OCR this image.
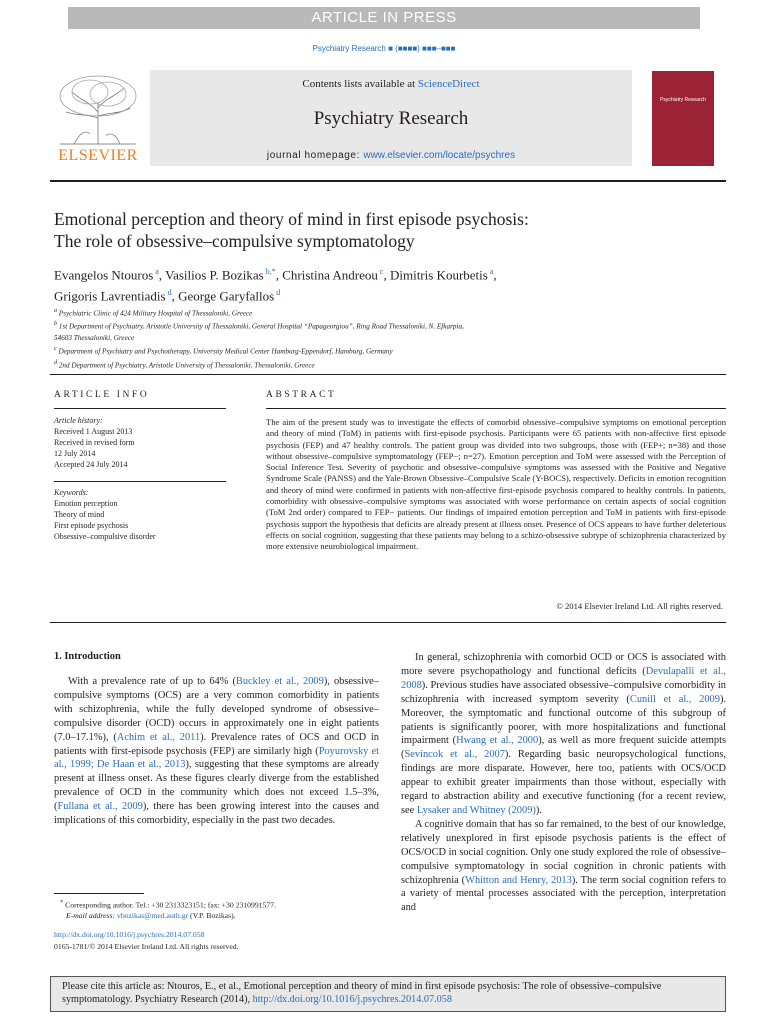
ARTICLE IN PRESS
Psychiatry Research ■ (■■■■) ■■■–■■■
ELSEVIER
Contents lists available at ScienceDirect
Psychiatry Research
journal homepage: www.elsevier.com/locate/psychres
Psychiatry Research
Emotional perception and theory of mind in first episode psychosis:
The role of obsessive–compulsive symptomatology
Evangelos Ntouros $^a$, Vasilios P. Bozikas $^{b,*}$, Christina Andreou $^c$, Dimitris Kourbetis $^a$,
Grigoris Lavrentiadis $^d$, George Garyfallos $^d$
$^a$ Psychiatric Clinic of 424 Military Hospital of Thessaloniki, Greece
$^b$ 1st Department of Psychiatry, Aristotle University of Thessaloniki, General Hospital “Papageorgiou”, Ring Road Thessaloniki, N. Efkarpia,
54603 Thessaloniki, Greece
$^c$ Department of Psychiatry and Psychotherapy, University Medical Center Hamburg-Eppendorf, Hamburg, Germany
$^d$ 2nd Department of Psychiatry, Aristotle University of Thessaloniki, Thessaloniki, Greece
ARTICLE INFO	ABSTRACT
Article history:
Received 1 August 2013
Received in revised form
12 July 2014
Accepted 24 July 2014
Keywords:
Emotion perception
Theory of mind
First episode psychosis
Obsessive–compulsive disorder
The aim of the present study was to investigate the effects of comorbid obsessive–compulsive symptoms on emotional perception and theory of mind (ToM) in patients with first-episode psychosis. Participants were 65 patients with non-affective first episode psychosis (FEP) and 47 healthy controls. The patient group was divided into two subgroups, those with (FEP+; n=38) and those without obsessive–compulsive symptomatology (FEP−; n=27). Emotion perception and ToM were assessed with the Perception of Social Inference Test. Severity of psychotic and obsessive–compulsive symptoms was assessed with the Positive and Negative Syndrome Scale (PANSS) and the Yale-Brown Obsessive–Compulsive Scale (Y-BOCS), respectively. Deficits in emotion recognition and theory of mind were confirmed in patients with non-affective first-episode psychosis compared to healthy controls. In patients, comorbidity with obsessive–compulsive symptoms was associated with worse performance on certain aspects of social cognition (ToM 2nd order) compared to FEP− patients. Our findings of impaired emotion perception and ToM in patients with first-episode psychosis support the hypothesis that deficits are already present at illness onset. Presence of OCS appears to have further deleterious effects on social cognition, suggesting that these patients may belong to a schizo-obsessive subtype of schizophrenia characterized by more extensive neurobiological impairment.
© 2014 Elsevier Ireland Ltd. All rights reserved.
1. Introduction

With a prevalence rate of up to 64% (Buckley et al., 2009), obsessive–compulsive symptoms (OCS) are a very common comorbidity in patients with schizophrenia, while the fully developed syndrome of obsessive–compulsive disorder (OCD) occurs in approximately one in eight patients (7.0–17.1%), (Achim et al., 2011). Prevalence rates of OCS and OCD in patients with first-episode psychosis (FEP) are similarly high (Poyurovsky et al., 1999; De Haan et al., 2013), suggesting that these symptoms are already present at illness onset. As these figures clearly diverge from the established prevalence of OCD in the community which does not exceed 1.5–3%, (Fullana et al., 2009), there has been growing interest into the causes and implications of this comorbidity, especially in the past two decades.

In general, schizophrenia with comorbid OCD or OCS is associated with more severe psychopathology and functional deficits (Devulapalli et al., 2008). Previous studies have associated obsessive–compulsive comorbidity in schizophrenia with increased symptom severity (Cunill et al., 2009). Moreover, the symptomatic and functional outcome of this subgroup of patients is significantly poorer, with more hospitalizations and functional impairment (Hwang et al., 2000), as well as more frequent suicide attempts (Sevincok et al., 2007). Regarding basic neuropsychological functions, findings are more disparate. However, here too, patients with OCS/OCD appear to exhibit greater impairments than those without, especially with regard to abstraction ability and executive functioning (for a recent review, see Lysaker and Whitney (2009)).

A cognitive domain that has so far remained, to the best of our knowledge, relatively unexplored in first episode psychosis patients is the effect of OCS/OCD in social cognition. Only one study explored the role of obsessive–compulsive symptomatology in social cognition in chronic patients with schizophrenia (Whitton and Henry, 2013). The term social cognition refers to a variety of mental processes associated with the perception, interpretation and

* Corresponding author. Tel.: +30 2313323151; fax: +30 2310991577.
E-mail address: vbozikas@med.auth.gr (V.P. Bozikas).
http://dx.doi.org/10.1016/j.psychres.2014.07.058
0165-1781/© 2014 Elsevier Ireland Ltd. All rights reserved.
Please cite this article as: Ntouros, E., et al., Emotional perception and theory of mind in first episode psychosis: The role of obsessive–compulsive symptomatology. Psychiatry Research (2014), http://dx.doi.org/10.1016/j.psychres.2014.07.058
